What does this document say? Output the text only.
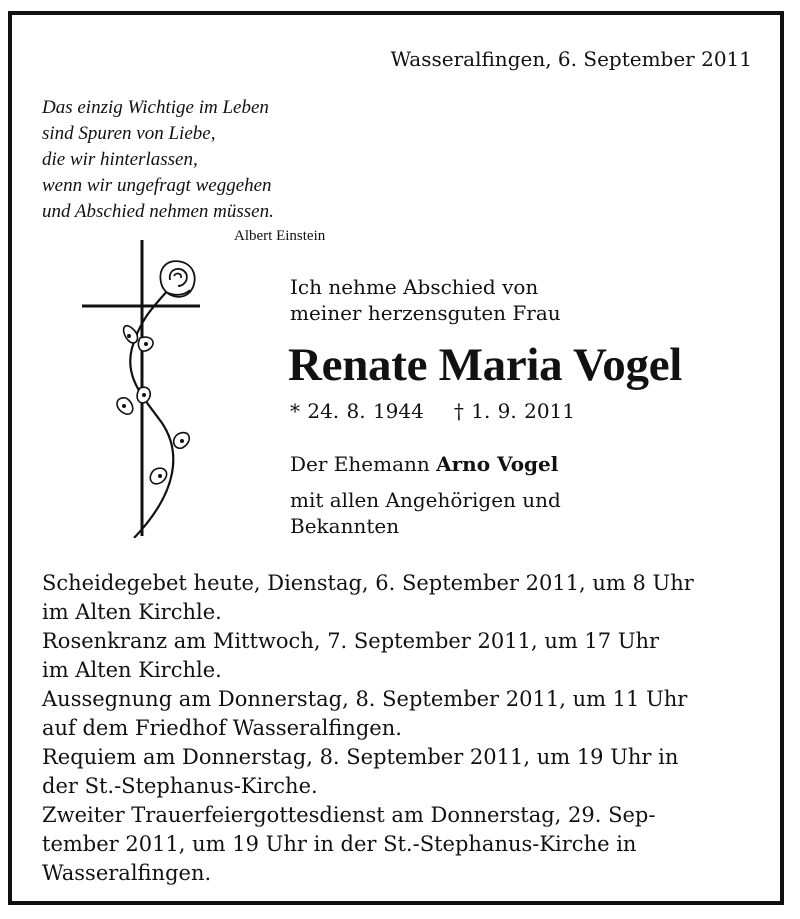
Wasseralfingen, 6. September 2011
Das einzig Wichtige im Leben
sind Spuren von Liebe,
die wir hinterlassen,
wenn wir ungefragt weggehen
und Abschied nehmen müssen.
Albert Einstein
Ich nehme Abschied von
meiner herzensguten Frau
Renate Maria Vogel
* 24. 8. 1944 † 1. 9. 2011
Der Ehemann Arno Vogel
mit allen Angehörigen und
Bekannten
Scheidegebet heute, Dienstag, 6. September 2011, um 8 Uhr
im Alten Kirchle.
Rosenkranz am Mittwoch, 7. September 2011, um 17 Uhr
im Alten Kirchle.
Aussegnung am Donnerstag, 8. September 2011, um 11 Uhr
auf dem Friedhof Wasseralfingen.
Requiem am Donnerstag, 8. September 2011, um 19 Uhr in
der St.-Stephanus-Kirche.
Zweiter Trauerfeiergottesdienst am Donnerstag, 29. Sep-
tember 2011, um 19 Uhr in der St.-Stephanus-Kirche in
Wasseralfingen.
